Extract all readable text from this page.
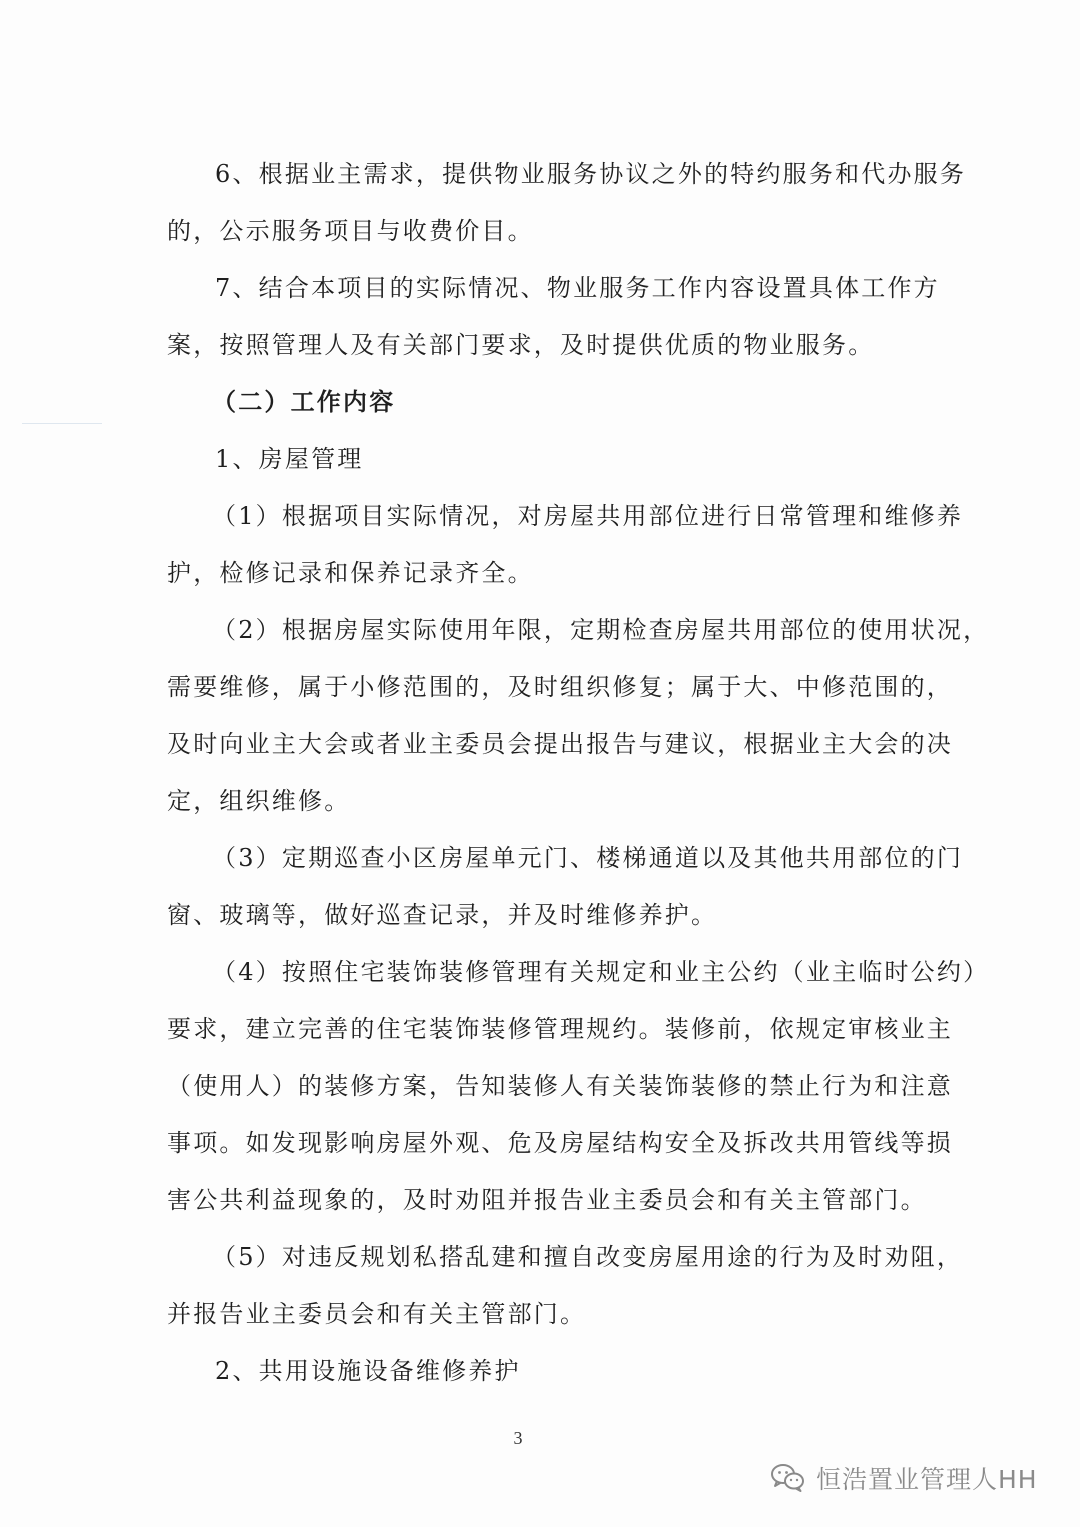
6、根据业主需求，提供物业服务协议之外的特约服务和代办服务
的，公示服务项目与收费价目。
7、结合本项目的实际情况、物业服务工作内容设置具体工作方
案，按照管理人及有关部门要求，及时提供优质的物业服务。
（二）工作内容
1、房屋管理
（1）根据项目实际情况，对房屋共用部位进行日常管理和维修养
护，检修记录和保养记录齐全。
（2）根据房屋实际使用年限，定期检查房屋共用部位的使用状况，
需要维修，属于小修范围的，及时组织修复；属于大、中修范围的，
及时向业主大会或者业主委员会提出报告与建议，根据业主大会的决
定，组织维修。
（3）定期巡查小区房屋单元门、楼梯通道以及其他共用部位的门
窗、玻璃等，做好巡查记录，并及时维修养护。
（4）按照住宅装饰装修管理有关规定和业主公约（业主临时公约）
要求，建立完善的住宅装饰装修管理规约。装修前，依规定审核业主
（使用人）的装修方案，告知装修人有关装饰装修的禁止行为和注意
事项。如发现影响房屋外观、危及房屋结构安全及拆改共用管线等损
害公共利益现象的，及时劝阻并报告业主委员会和有关主管部门。
（5）对违反规划私搭乱建和擅自改变房屋用途的行为及时劝阻，
并报告业主委员会和有关主管部门。
2、共用设施设备维修养护
3
恒浩置业管理人HH
